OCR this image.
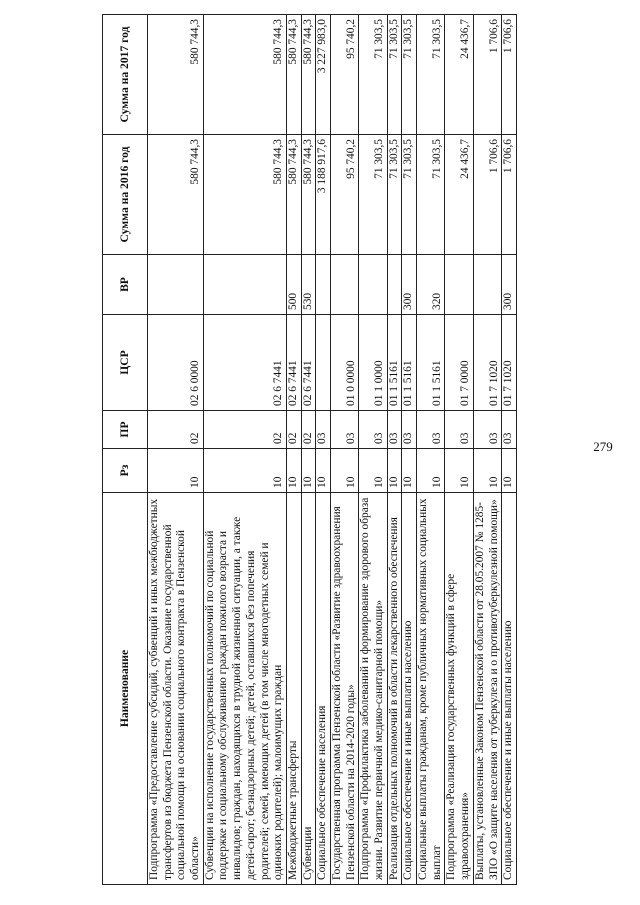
279
Наименование	Рз	ПР	ЦСР	ВР	Сумма на 2016 год	Сумма на 2017 год
Подпрограмма «Предоставление субсидий, субвенций и иных межбюджетных трансфертов из бюджета Пензенской области. Оказание государственной социальной помощи на основании социального контракта в Пензенской области»	10	02	02 6 0000		580 744,3	580 744,3
Субвенции на исполнение государственных полномочий по социальной поддержке и социальному обслуживанию граждан пожилого возраста и инвалидов; граждан, находящихся в трудной жизненной ситуации, а также детей-сирот; безнадзорных детей; детей, оставшихся без попечения родителей; семей, имеющих детей (в том числе многодетных семей и одиноких родителей); малоимущих граждан	10	02	02 6 7441		580 744,3	580 744,3
Межбюджетные трансферты	10	02	02 6 7441	500	580 744,3	580 744,3
Субвенции	10	02	02 6 7441	530	580 744,3	580 744,3
Социальное обеспечение населения	10	03			3 188 917,6	3 227 983,0
Государственная программа Пензенской области «Развитие здравоохранения Пензенской области на 2014-2020 годы»	10	03	01 0 0000		95 740,2	95 740,2
Подпрограмма «Профилактика заболеваний и формирование здорового образа жизни. Развитие первичной медико-санитарной помощи»	10	03	01 1 0000		71 303,5	71 303,5
Реализация отдельных полномочий в области лекарственного обеспечения	10	03	01 1 5161		71 303,5	71 303,5
Социальное обеспечение и иные выплаты населению	10	03	01 1 5161	300	71 303,5	71 303,5
Социальные выплаты гражданам, кроме публичных нормативных социальных выплат	10	03	01 1 5161	320	71 303,5	71 303,5
Подпрограмма «Реализация государственных функций в сфере здравоохранения»	10	03	01 7 0000		24 436,7	24 436,7
Выплаты, установленные Законом Пензенской области от 28.05.2007 № 1285-ЗПО «О защите населения от туберкулеза и о противотуберкулезной помощи»	10	03	01 7 1020		1 706,6	1 706,6
Социальное обеспечение и иные выплаты населению	10	03	01 7 1020	300	1 706,6	1 706,6
